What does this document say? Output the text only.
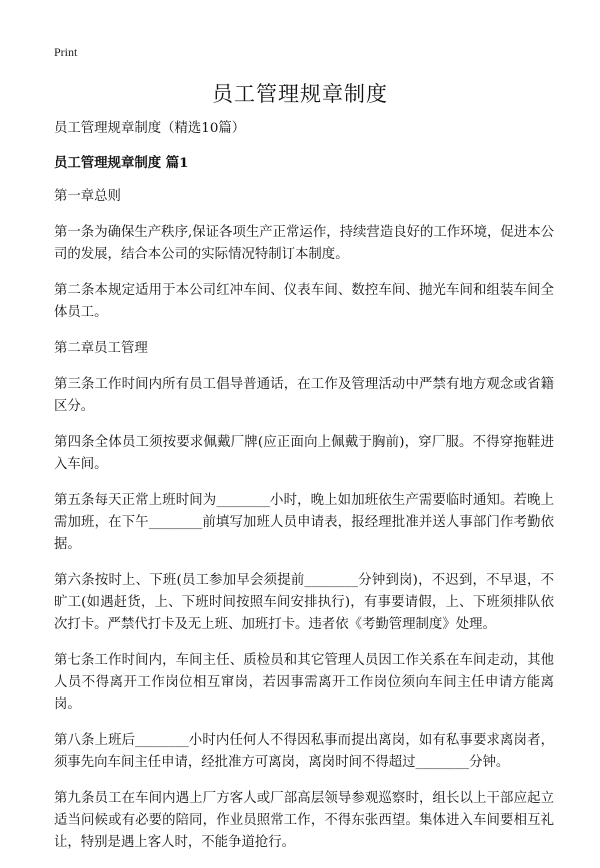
Print
员工管理规章制度

员工管理规章制度（精选10篇）

员工管理规章制度 篇1

第一章总则

第一条为确保生产秩序,保证各项生产正常运作，持续营造良好的工作环境，促进本公司的发展，结合本公司的实际情况特制订本制度。

第二条本规定适用于本公司红冲车间、仪表车间、数控车间、抛光车间和组装车间全体员工。

第二章员工管理

第三条工作时间内所有员工倡导普通话，在工作及管理活动中严禁有地方观念或省籍区分。

第四条全体员工须按要求佩戴厂牌(应正面向上佩戴于胸前)，穿厂服。不得穿拖鞋进入车间。

第五条每天正常上班时间为________小时，晚上如加班依生产需要临时通知。若晚上需加班，在下午________前填写加班人员申请表，报经理批准并送人事部门作考勤依据。

第六条按时上、下班(员工参加早会须提前________分钟到岗)，不迟到，不早退，不旷工(如遇赶货，上、下班时间按照车间安排执行)，有事要请假，上、下班须排队依次打卡。严禁代打卡及无上班、加班打卡。违者依《考勤管理制度》处理。

第七条工作时间内，车间主任、质检员和其它管理人员因工作关系在车间走动，其他人员不得离开工作岗位相互窜岗，若因事需离开工作岗位须向车间主任申请方能离岗。

第八条上班后________小时内任何人不得因私事而提出离岗，如有私事要求离岗者，须事先向车间主任申请，经批准方可离岗，离岗时间不得超过________分钟。

第九条员工在车间内遇上厂方客人或厂部高层领导参观巡察时，组长以上干部应起立适当问候或有必要的陪同，作业员照常工作，不得东张西望。集体进入车间要相互礼让，特别是遇上客人时，不能争道抢行。
